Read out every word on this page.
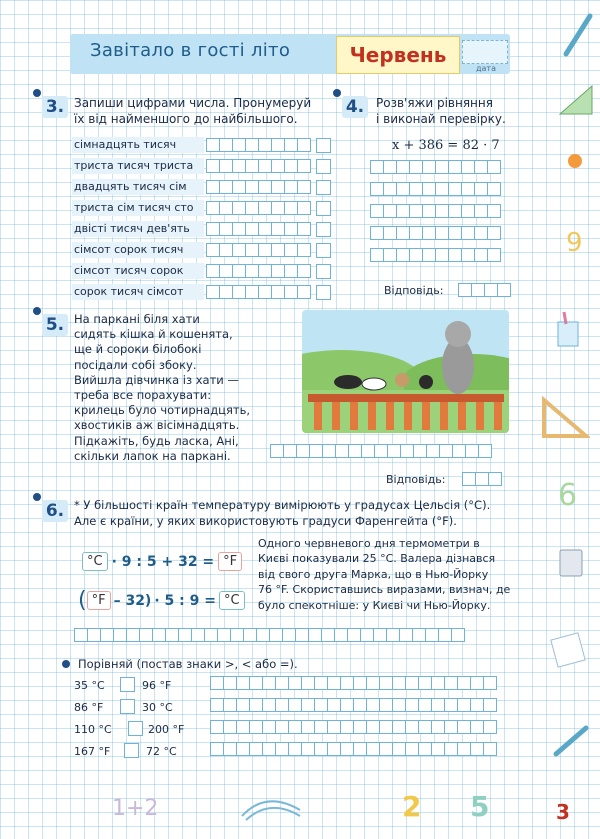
Завітало в гості літо	Червень
дата
9
6
3. Запиши цифрами числа. Пронумеруй
їх від найменшого до найбільшого.
сімнадцять тисяч
триста тисяч триста
двадцять тисяч сім
триста сім тисяч сто
двісті тисяч дев'ять
сімсот сорок тисяч
сімсот тисяч сорок
сорок тисяч сімсот
4. Розв'яжи рівняння
і виконай перевірку.
x + 386 = 82 · 7
Відповідь:
5. На паркані біля хати
сидять кішка й кошенята,
ще й сороки білобокі
посідали собі збоку.
Вийшла дівчинка із хати —
треба все порахувати:
крилець було чотирнадцять,
хвостиків аж вісімнадцять.
Підкажіть, будь ласка, Ані,
скільки лапок на паркані.
Відповідь:
6. * У більшості країн температуру вимірюють у градусах Цельсія (°С).
Але є країни, у яких використовують градуси Фаренгейта (°F).
°C · 9 : 5 + 32 = °F
( °F – 32) · 5 : 9 = °C
Одного червневого дня термометри в
Києві показували 25 °С. Валера дізнався
від свого друга Марка, що в Нью-Йорку
76 °F. Скориставшись виразами, визнач, де
було спекотніше: у Києві чи Нью-Йорку.
Порівняй (постав знаки >, < або =).
35 °C	96 °F
86 °F	30 °C
110 °C	200 °F
167 °F	72 °C
1+2	2 5	3
